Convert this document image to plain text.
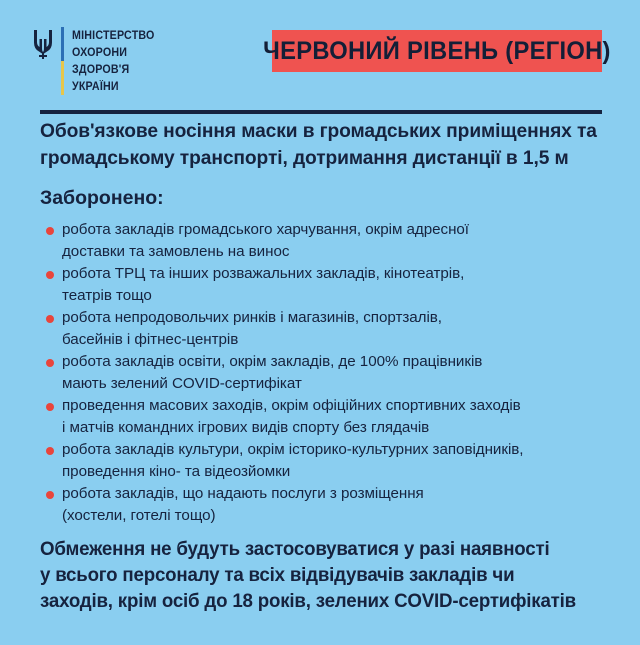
МІНІСТЕРСТВО
ОХОРОНИ
ЗДОРОВ'Я
УКРАЇНИ
ЧЕРВОНИЙ РІВЕНЬ (РЕГІОН)
Обов'язкове носіння маски в громадських приміщеннях та
громадському транспорті, дотримання дистанції в 1,5 м
Заборонено:
робота закладів громадського харчування, окрім адресної
доставки та замовлень на винос
робота ТРЦ та інших розважальних закладів, кінотеатрів,
театрів тощо
робота непродовольчих ринків і магазинів, спортзалів,
басейнів і фітнес-центрів
робота закладів освіти, окрім закладів, де 100% працівників
мають зелений COVID-сертифікат
проведення масових заходів, окрім офіційних спортивних заходів
і матчів командних ігрових видів спорту без глядачів
робота закладів культури, окрім історико-культурних заповідників,
проведення кіно- та відеозйомки
робота закладів, що надають послуги з розміщення
(хостели, готелі тощо)
Обмеження не будуть застосовуватися у разі наявності
у всього персоналу та всіх відвідувачів закладів чи
заходів, крім осіб до 18 років, зелених COVID-сертифікатів
